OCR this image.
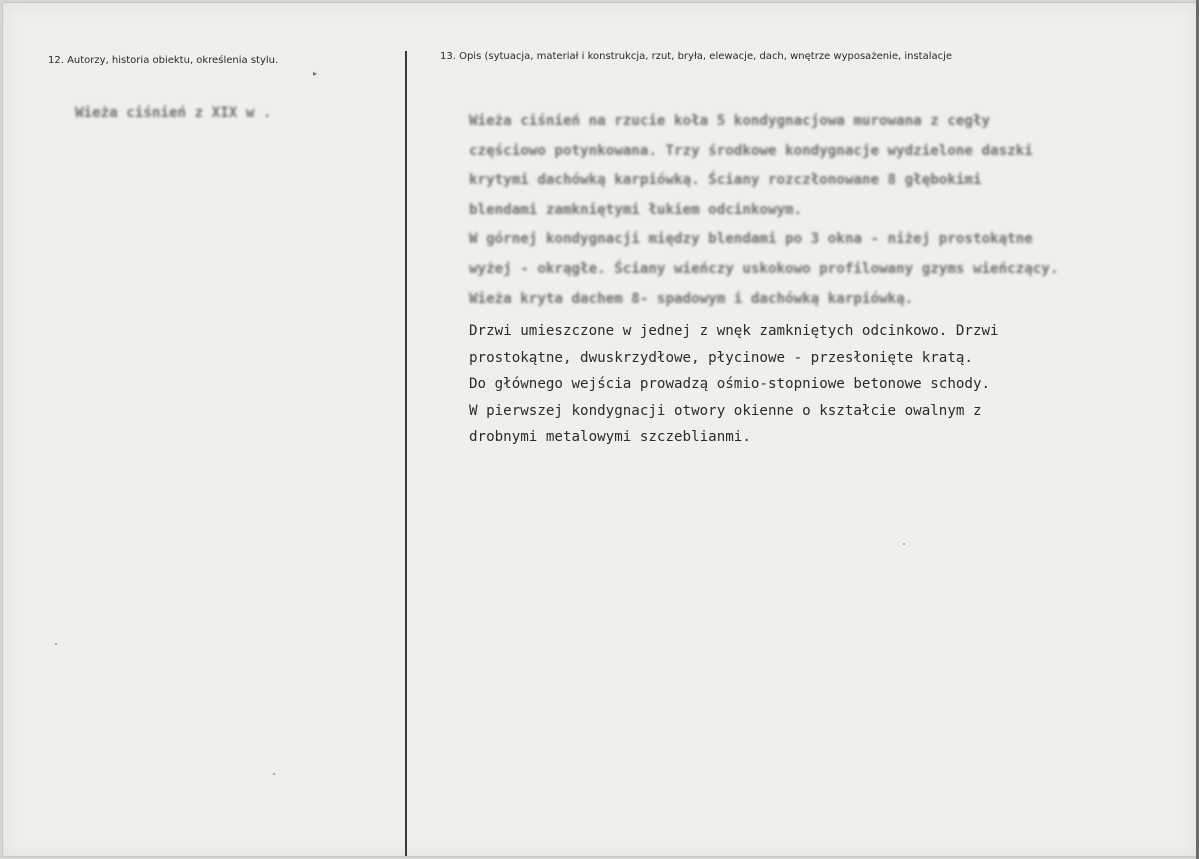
12. Autorzy, historia obiektu, określenia stylu.
▸
Wieża ciśnień z XIX w .
13. Opis (sytuacja, materiał i konstrukcja, rzut, bryła, elewacje, dach, wnętrze wyposażenie, instalacje
Wieża ciśnień na rzucie koła 5 kondygnacjowa murowana z cegły
częściowo potynkowana. Trzy środkowe kondygnacje wydzielone daszki
krytymi dachówką karpiówką. Ściany rozczłonowane 8 głębokimi
blendami zamkniętymi łukiem odcinkowym.
W górnej kondygnacji między blendami po 3 okna - niżej prostokątne
wyżej - okrągłe. Ściany wieńczy uskokowo profilowany gzyms wieńczący.
Wieża kryta dachem 8- spadowym i dachówką karpiówką.
Drzwi umieszczone w jednej z wnęk zamkniętych odcinkowo. Drzwi
prostokątne, dwuskrzydłowe, płycinowe - przesłonięte kratą.
Do głównego wejścia prowadzą ośmio-stopniowe betonowe schody.
W pierwszej kondygnacji otwory okienne o kształcie owalnym z
drobnymi metalowymi szczeblianmi.
